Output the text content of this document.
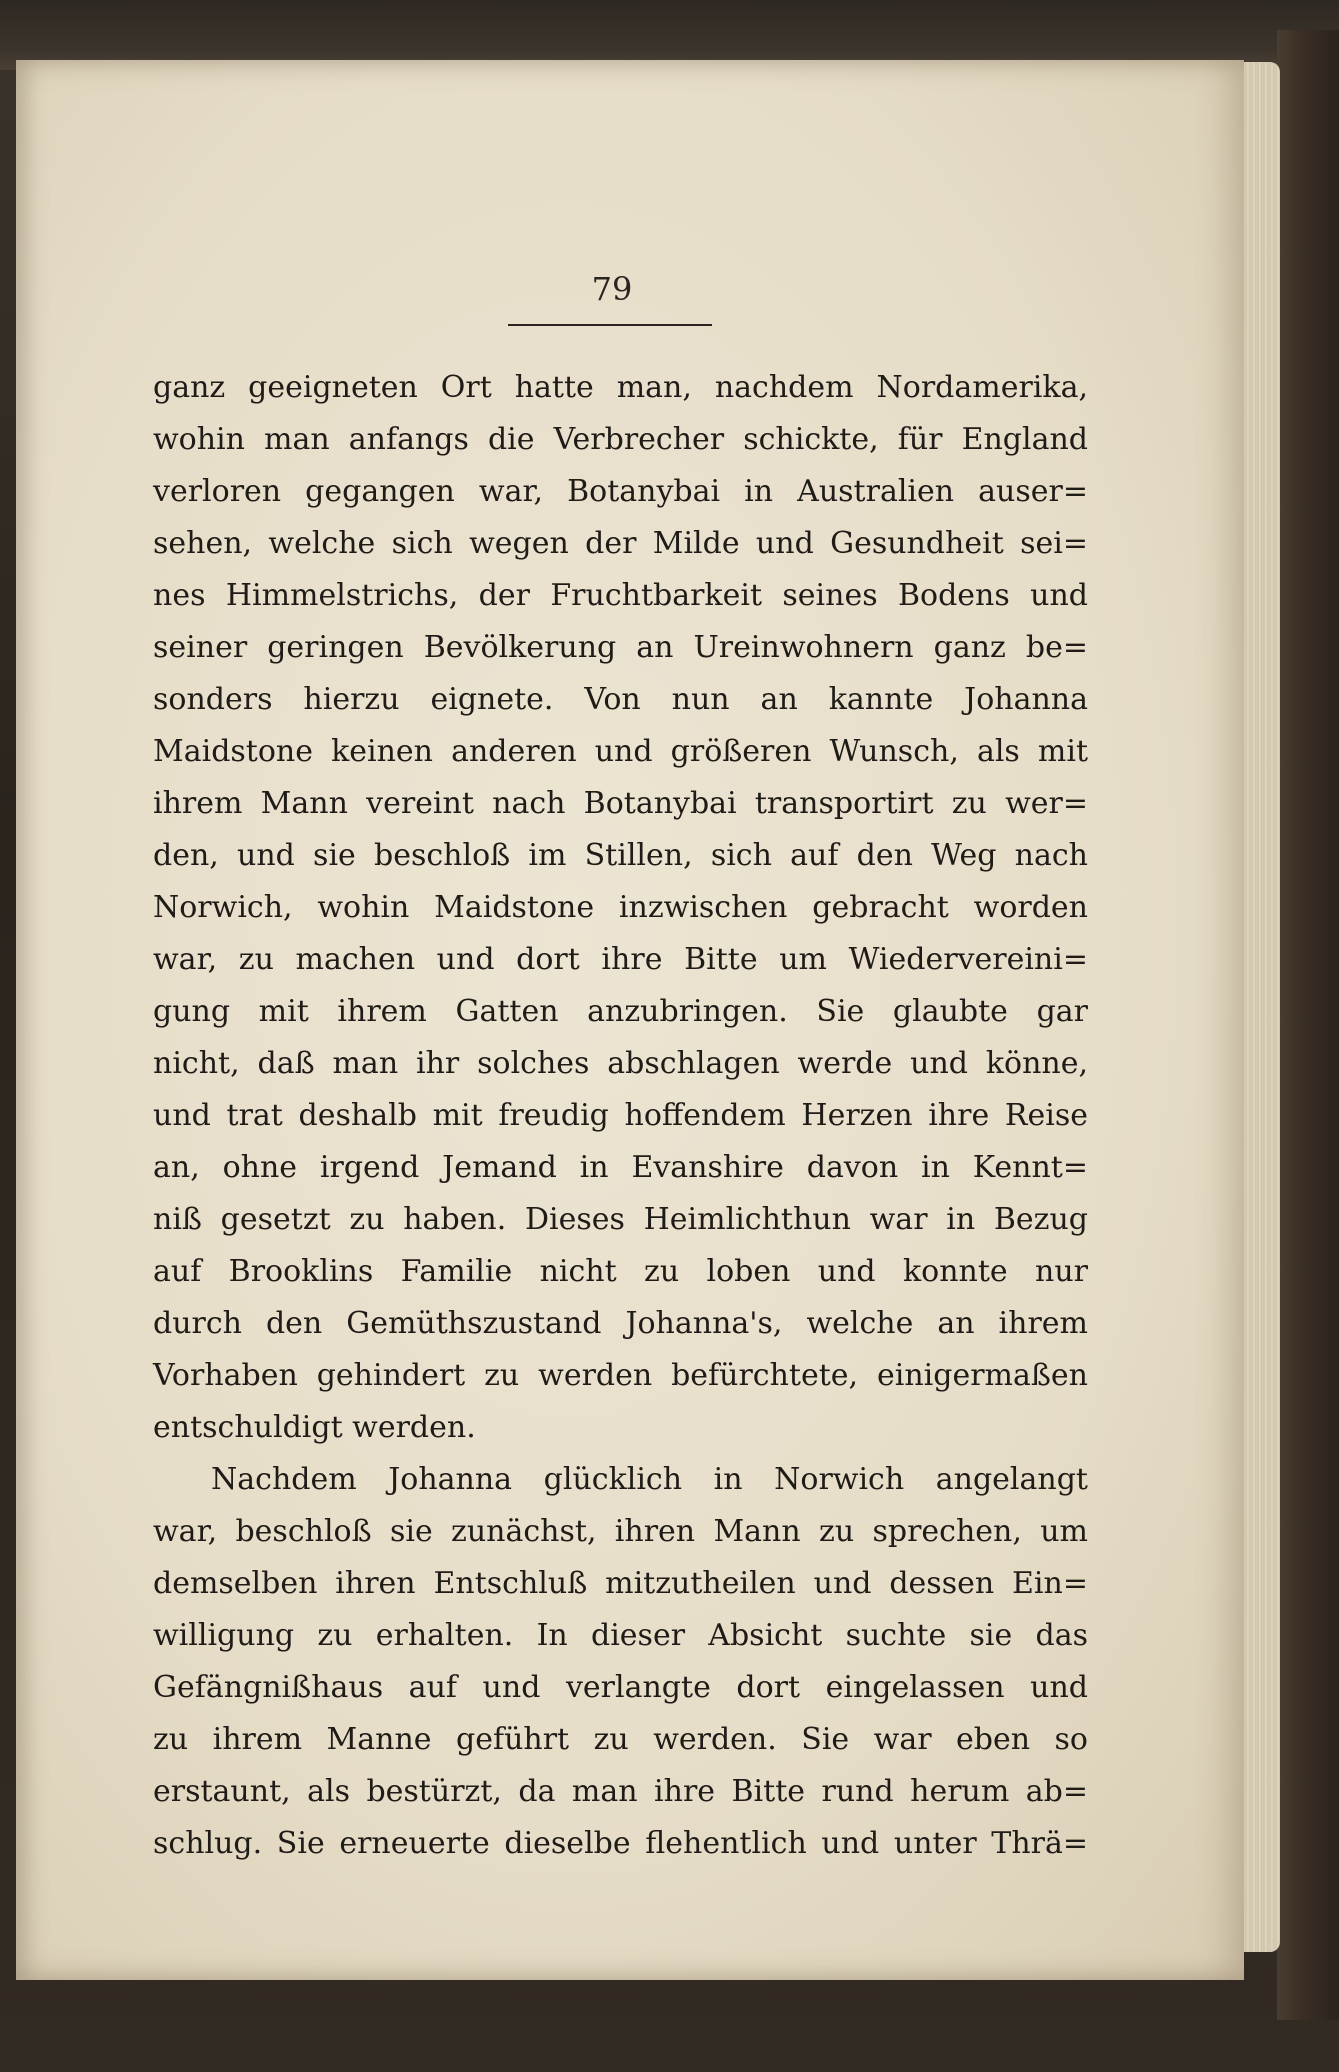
79
ganz geeigneten Ort hatte man, nachdem Nordamerika,
wohin man anfangs die Verbrecher schickte, für England
verloren gegangen war, Botanybai in Australien auser=
sehen, welche sich wegen der Milde und Gesundheit sei=
nes Himmelstrichs, der Fruchtbarkeit seines Bodens und
seiner geringen Bevölkerung an Ureinwohnern ganz be=
sonders hierzu eignete. Von nun an kannte Johanna
Maidstone keinen anderen und größeren Wunsch, als mit
ihrem Mann vereint nach Botanybai transportirt zu wer=
den, und sie beschloß im Stillen, sich auf den Weg nach
Norwich, wohin Maidstone inzwischen gebracht worden
war, zu machen und dort ihre Bitte um Wiedervereini=
gung mit ihrem Gatten anzubringen. Sie glaubte gar
nicht, daß man ihr solches abschlagen werde und könne,
und trat deshalb mit freudig hoffendem Herzen ihre Reise
an, ohne irgend Jemand in Evanshire davon in Kennt=
niß gesetzt zu haben. Dieses Heimlichthun war in Bezug
auf Brooklins Familie nicht zu loben und konnte nur
durch den Gemüthszustand Johanna's, welche an ihrem
Vorhaben gehindert zu werden befürchtete, einigermaßen
entschuldigt werden.
Nachdem Johanna glücklich in Norwich angelangt
war, beschloß sie zunächst, ihren Mann zu sprechen, um
demselben ihren Entschluß mitzutheilen und dessen Ein=
willigung zu erhalten. In dieser Absicht suchte sie das
Gefängnißhaus auf und verlangte dort eingelassen und
zu ihrem Manne geführt zu werden. Sie war eben so
erstaunt, als bestürzt, da man ihre Bitte rund herum ab=
schlug. Sie erneuerte dieselbe flehentlich und unter Thrä=
